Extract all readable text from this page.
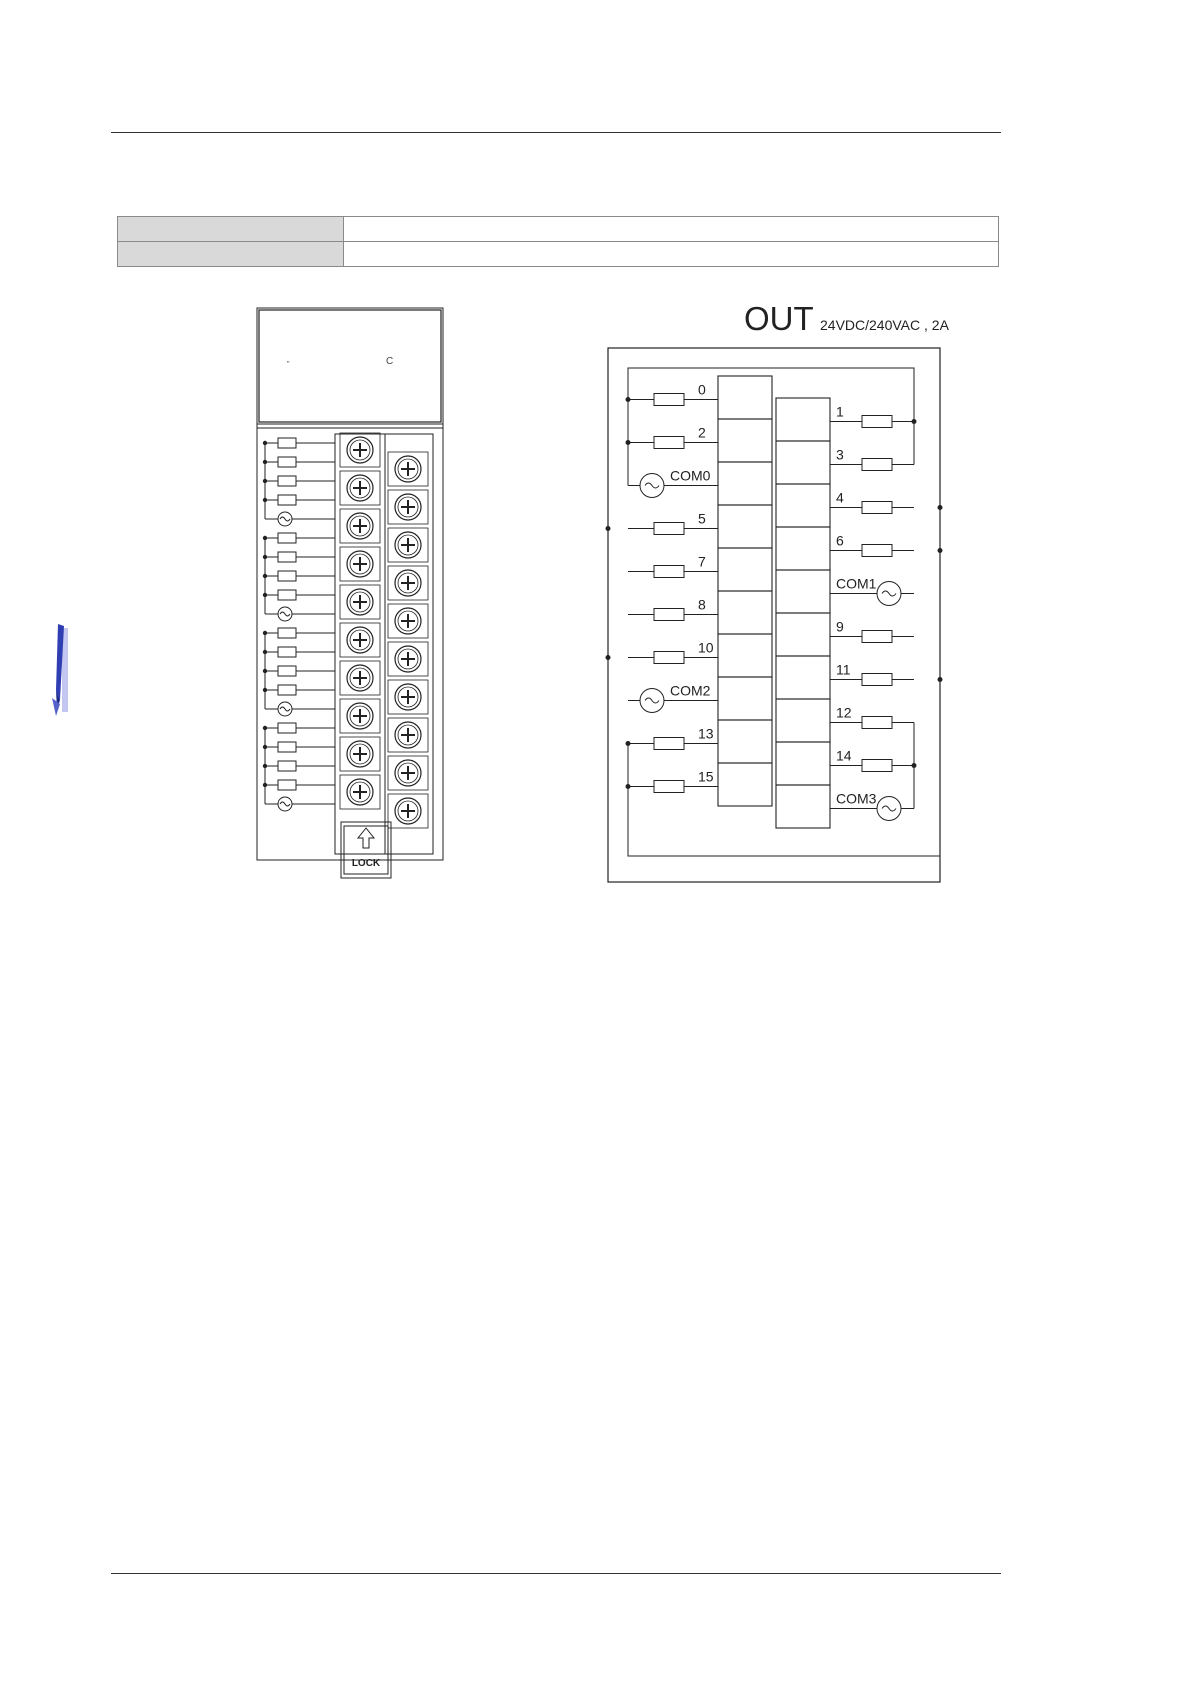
"	C
LOCK
OUT 24VDC/240VAC , 2A
0
2
COM0
5
7
8
10
COM2
13
15
1
3
4
6
COM1
9
11
12
14
COM3
